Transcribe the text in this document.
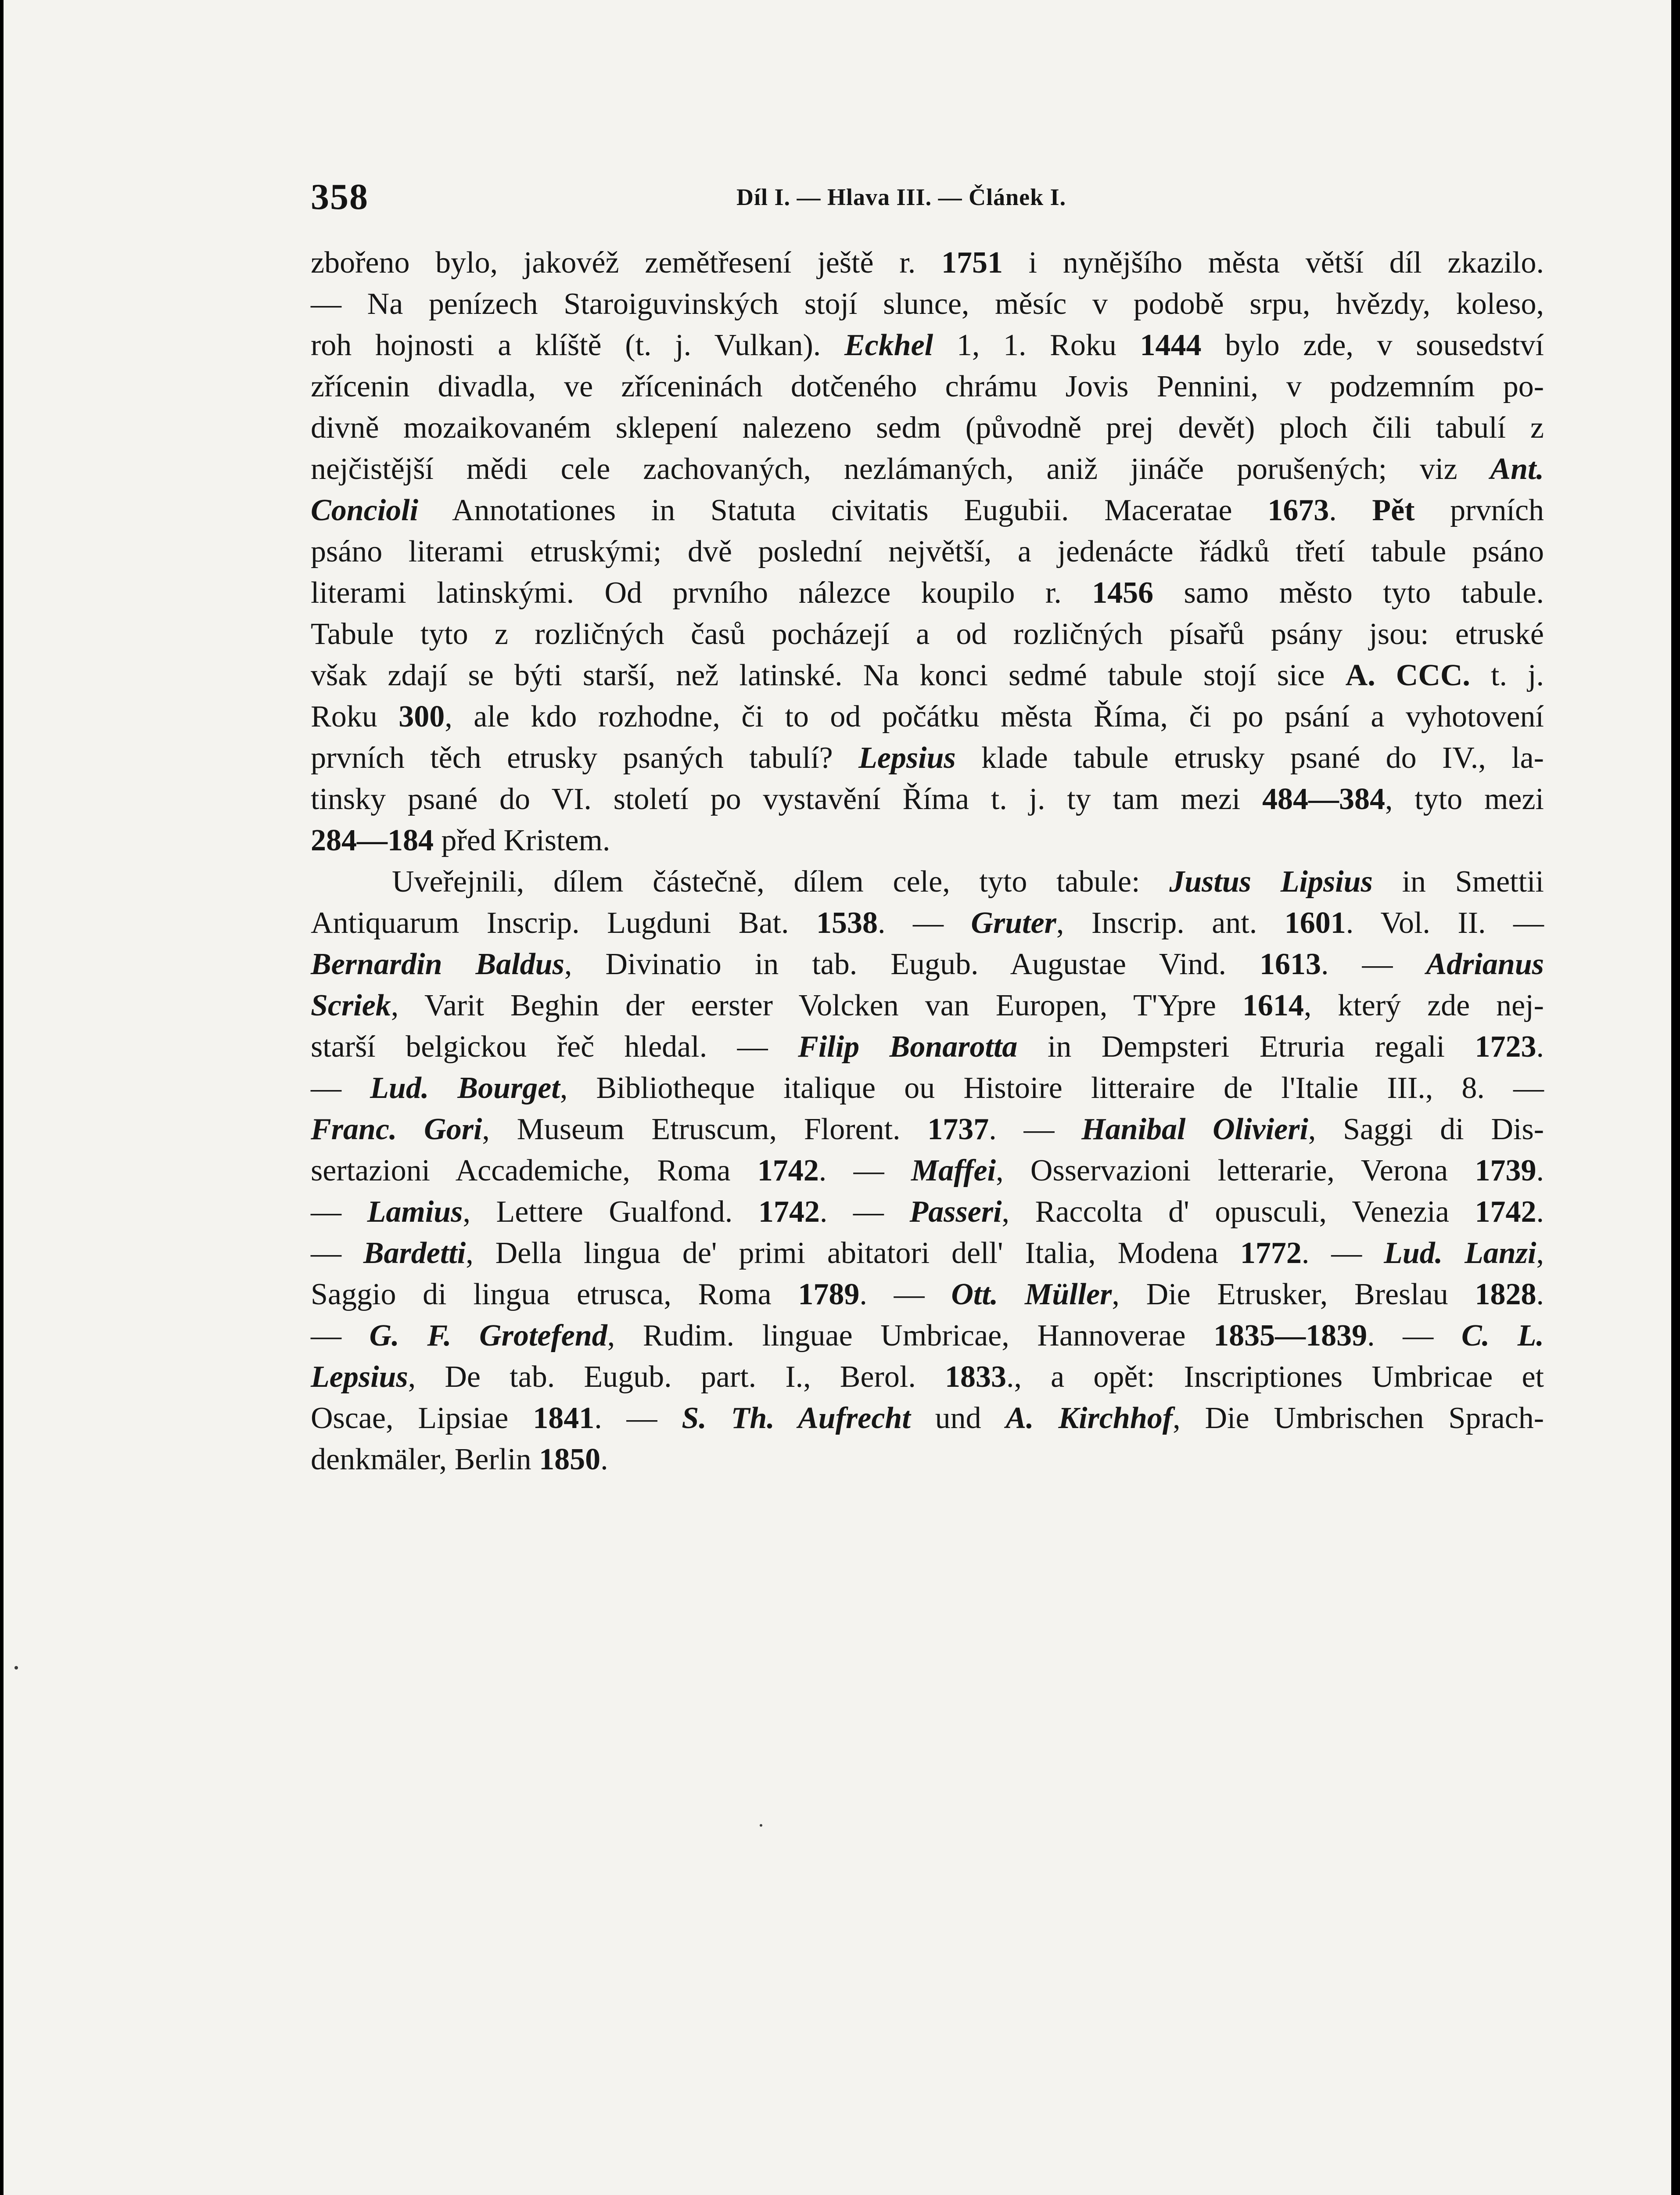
358	Díl I. — Hlava III. — Článek I.
zbořeno bylo, jakovéž zemětřesení ještě r. 1751 i nynějšího města větší díl zkazilo.
— Na penízech Staroiguvinských stojí slunce, měsíc v podobě srpu, hvězdy, koleso,
roh hojnosti a klíště (t. j. Vulkan). Eckhel 1, 1. Roku 1444 bylo zde, v sousedství
zřícenin divadla, ve zříceninách dotčeného chrámu Jovis Pennini, v podzemním po-
divně mozaikovaném sklepení nalezeno sedm (původně prej devět) ploch čili tabulí z
nejčistější mědi cele zachovaných, nezlámaných, aniž jináče porušených; viz Ant.
Concioli Annotationes in Statuta civitatis Eugubii. Maceratae 1673. Pět prvních
psáno literami etruskými; dvě poslední největší, a jedenácte řádků třetí tabule psáno
literami latinskými. Od prvního nálezce koupilo r. 1456 samo město tyto tabule.
Tabule tyto z rozličných časů pocházejí a od rozličných písařů psány jsou: etruské
však zdají se býti starší, než latinské. Na konci sedmé tabule stojí sice A. CCC. t. j.
Roku 300, ale kdo rozhodne, či to od počátku města Říma, či po psání a vyhotovení
prvních těch etrusky psaných tabulí? Lepsius klade tabule etrusky psané do IV., la-
tinsky psané do VI. století po vystavění Říma t. j. ty tam mezi 484—384, tyto mezi
284—184 před Kristem.
Uveřejnili, dílem částečně, dílem cele, tyto tabule: Justus Lipsius in Smettii
Antiquarum Inscrip. Lugduni Bat. 1538. — Gruter, Inscrip. ant. 1601. Vol. II. —
Bernardin Baldus, Divinatio in tab. Eugub. Augustae Vind. 1613. — Adrianus
Scriek, Varit Beghin der eerster Volcken van Europen, T'Ypre 1614, který zde nej-
starší belgickou řeč hledal. — Filip Bonarotta in Dempsteri Etruria regali 1723.
— Lud. Bourget, Bibliotheque italique ou Histoire litteraire de l'Italie III., 8. —
Franc. Gori, Museum Etruscum, Florent. 1737. — Hanibal Olivieri, Saggi di Dis-
sertazioni Accademiche, Roma 1742. — Maffei, Osservazioni letterarie, Verona 1739.
— Lamius, Lettere Gualfond. 1742. — Passeri, Raccolta d' opusculi, Venezia 1742.
— Bardetti, Della lingua de' primi abitatori dell' Italia, Modena 1772. — Lud. Lanzi,
Saggio di lingua etrusca, Roma 1789. — Ott. Müller, Die Etrusker, Breslau 1828.
— G. F. Grotefend, Rudim. linguae Umbricae, Hannoverae 1835—1839. — C. L.
Lepsius, De tab. Eugub. part. I., Berol. 1833., a opět: Inscriptiones Umbricae et
Oscae, Lipsiae 1841. — S. Th. Aufrecht und A. Kirchhof, Die Umbrischen Sprach-
denkmäler, Berlin 1850.
